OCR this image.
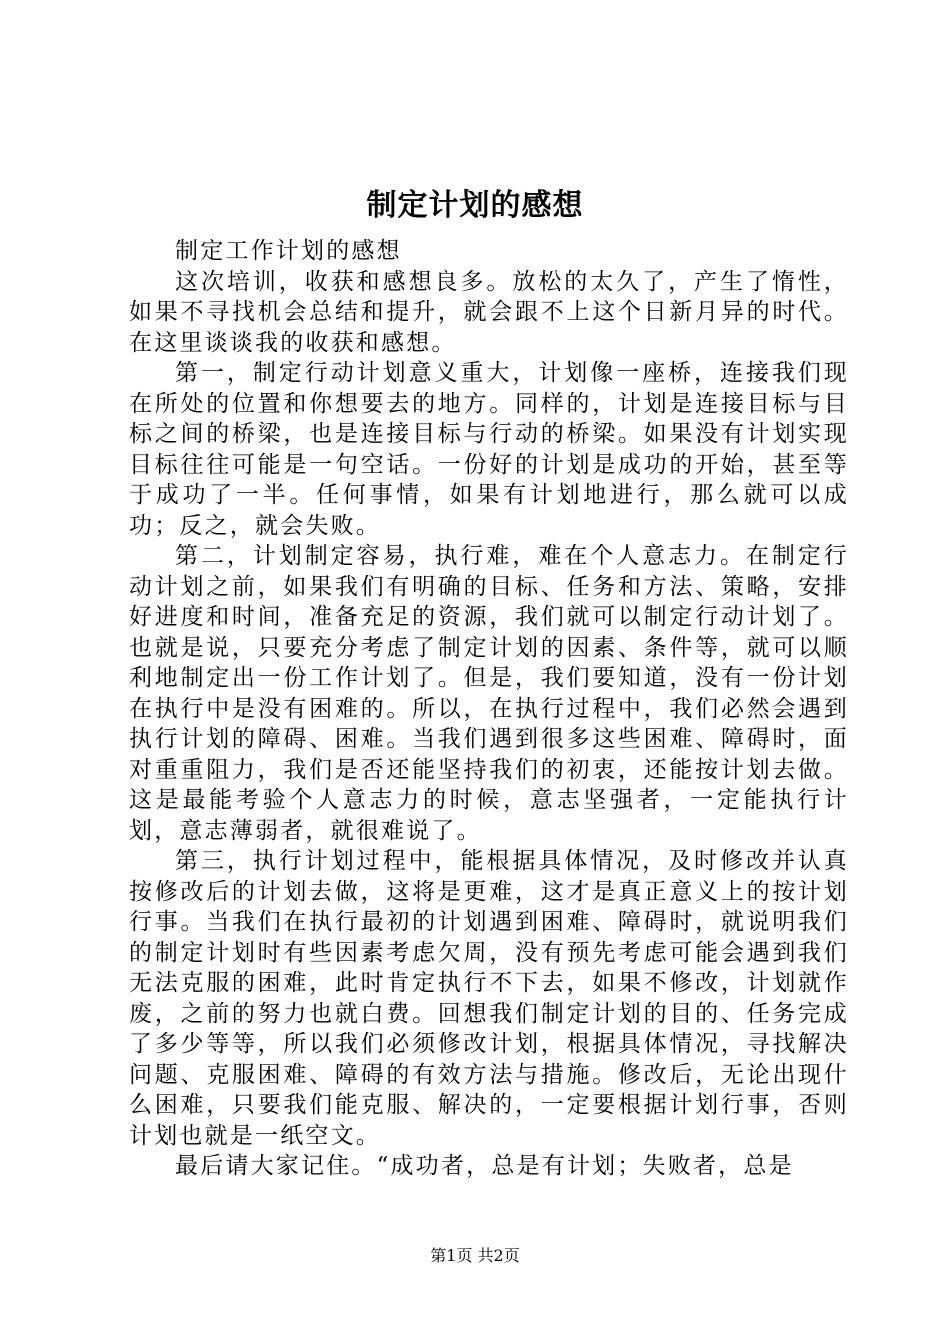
制定计划的感想

制定工作计划的感想

这次培训，收获和感想良多。放松的太久了，产生了惰性，如果不寻找机会总结和提升，就会跟不上这个日新月异的时代。在这里谈谈我的收获和感想。

第一，制定行动计划意义重大，计划像一座桥，连接我们现在所处的位置和你想要去的地方。同样的，计划是连接目标与目标之间的桥梁，也是连接目标与行动的桥梁。如果没有计划实现目标往往可能是一句空话。一份好的计划是成功的开始，甚至等于成功了一半。任何事情，如果有计划地进行，那么就可以成功；反之，就会失败。

第二，计划制定容易，执行难，难在个人意志力。在制定行动计划之前，如果我们有明确的目标、任务和方法、策略，安排好进度和时间，准备充足的资源，我们就可以制定行动计划了。也就是说，只要充分考虑了制定计划的因素、条件等，就可以顺利地制定出一份工作计划了。但是，我们要知道，没有一份计划在执行中是没有困难的。所以，在执行过程中，我们必然会遇到执行计划的障碍、困难。当我们遇到很多这些困难、障碍时，面对重重阻力，我们是否还能坚持我们的初衷，还能按计划去做。这是最能考验个人意志力的时候，意志坚强者，一定能执行计划，意志薄弱者，就很难说了。

第三，执行计划过程中，能根据具体情况，及时修改并认真按修改后的计划去做，这将是更难，这才是真正意义上的按计划行事。当我们在执行最初的计划遇到困难、障碍时，就说明我们的制定计划时有些因素考虑欠周，没有预先考虑可能会遇到我们无法克服的困难，此时肯定执行不下去，如果不修改，计划就作废，之前的努力也就白费。回想我们制定计划的目的、任务完成了多少等等，所以我们必须修改计划，根据具体情况，寻找解决问题、克服困难、障碍的有效方法与措施。修改后，无论出现什么困难，只要我们能克服、解决的，一定要根据计划行事，否则计划也就是一纸空文。

最后请大家记住。“成功者，总是有计划；失败者，总是

第1页 共2页
